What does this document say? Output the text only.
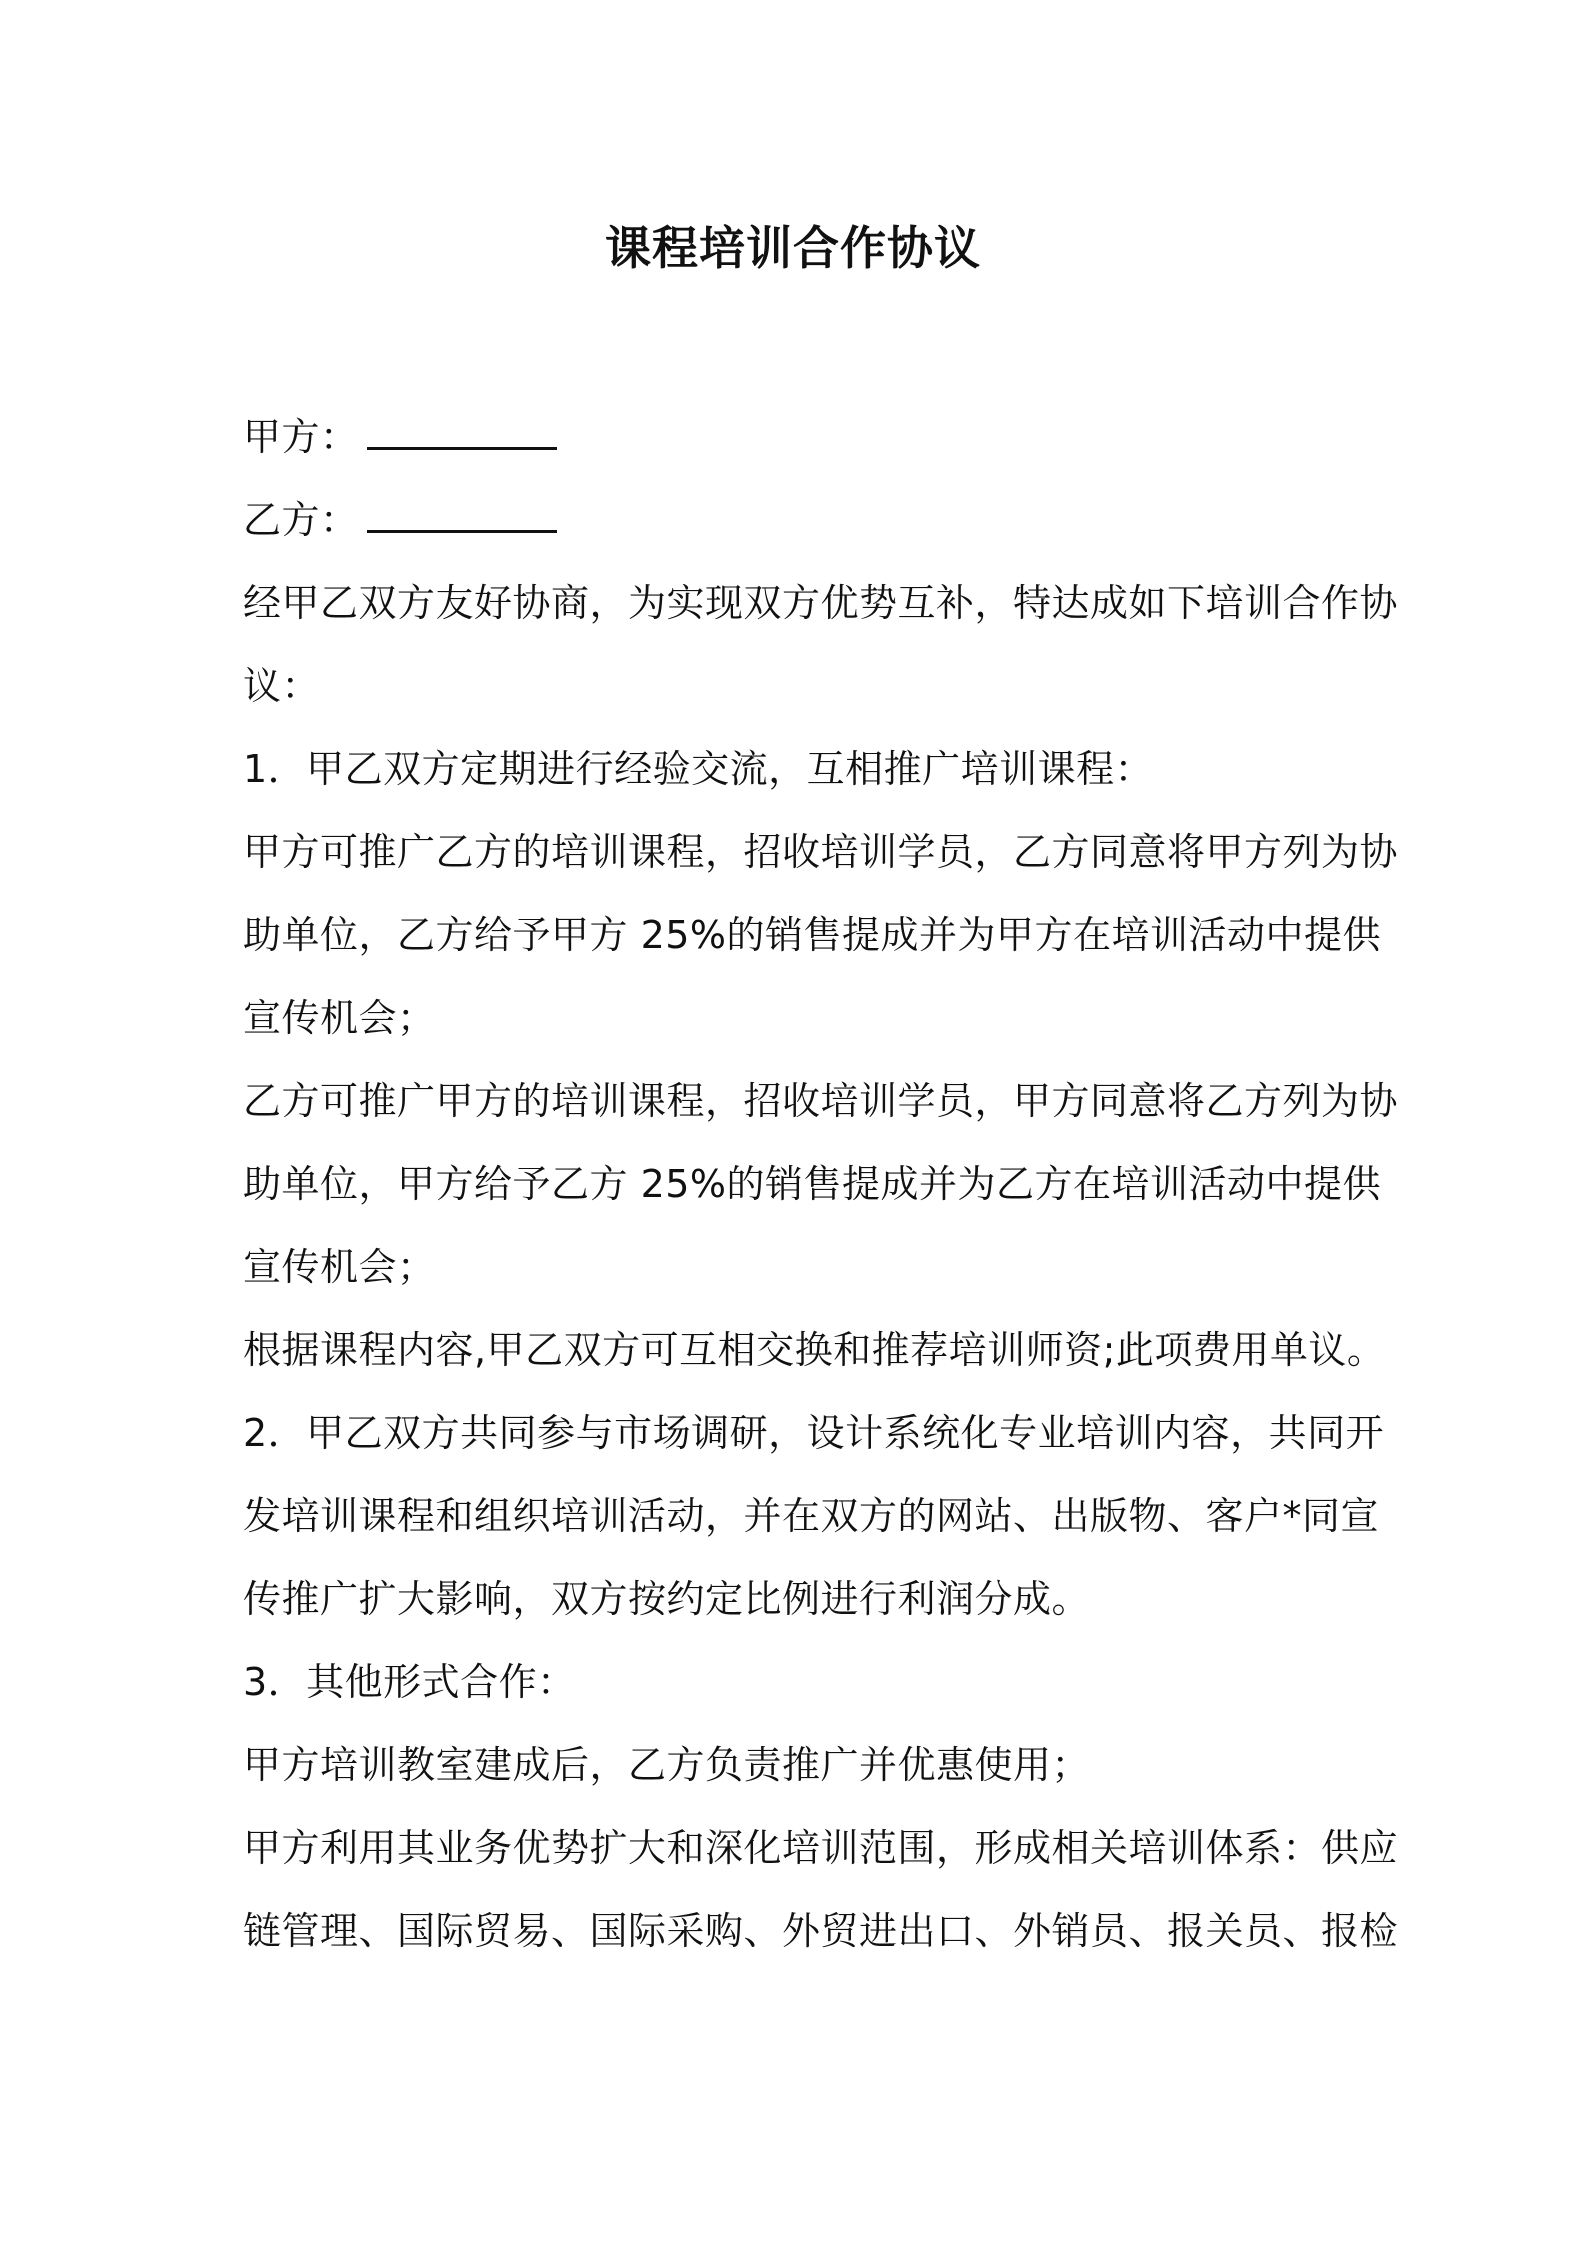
课程培训合作协议
甲方：
乙方：
经甲乙双方友好协商，为实现双方优势互补，特达成如下培训合作协
议：
1．甲乙双方定期进行经验交流，互相推广培训课程：
甲方可推广乙方的培训课程，招收培训学员，乙方同意将甲方列为协
助单位，乙方给予甲方 25%的销售提成并为甲方在培训活动中提供
宣传机会；
乙方可推广甲方的培训课程，招收培训学员，甲方同意将乙方列为协
助单位，甲方给予乙方 25%的销售提成并为乙方在培训活动中提供
宣传机会；
根据课程内容,甲乙双方可互相交换和推荐培训师资;此项费用单议。
2．甲乙双方共同参与市场调研，设计系统化专业培训内容，共同开
发培训课程和组织培训活动，并在双方的网站、出版物、客户*同宣
传推广扩大影响，双方按约定比例进行利润分成。
3．其他形式合作：
甲方培训教室建成后，乙方负责推广并优惠使用；
甲方利用其业务优势扩大和深化培训范围，形成相关培训体系：供应
链管理、国际贸易、国际采购、外贸进出口、外销员、报关员、报检
